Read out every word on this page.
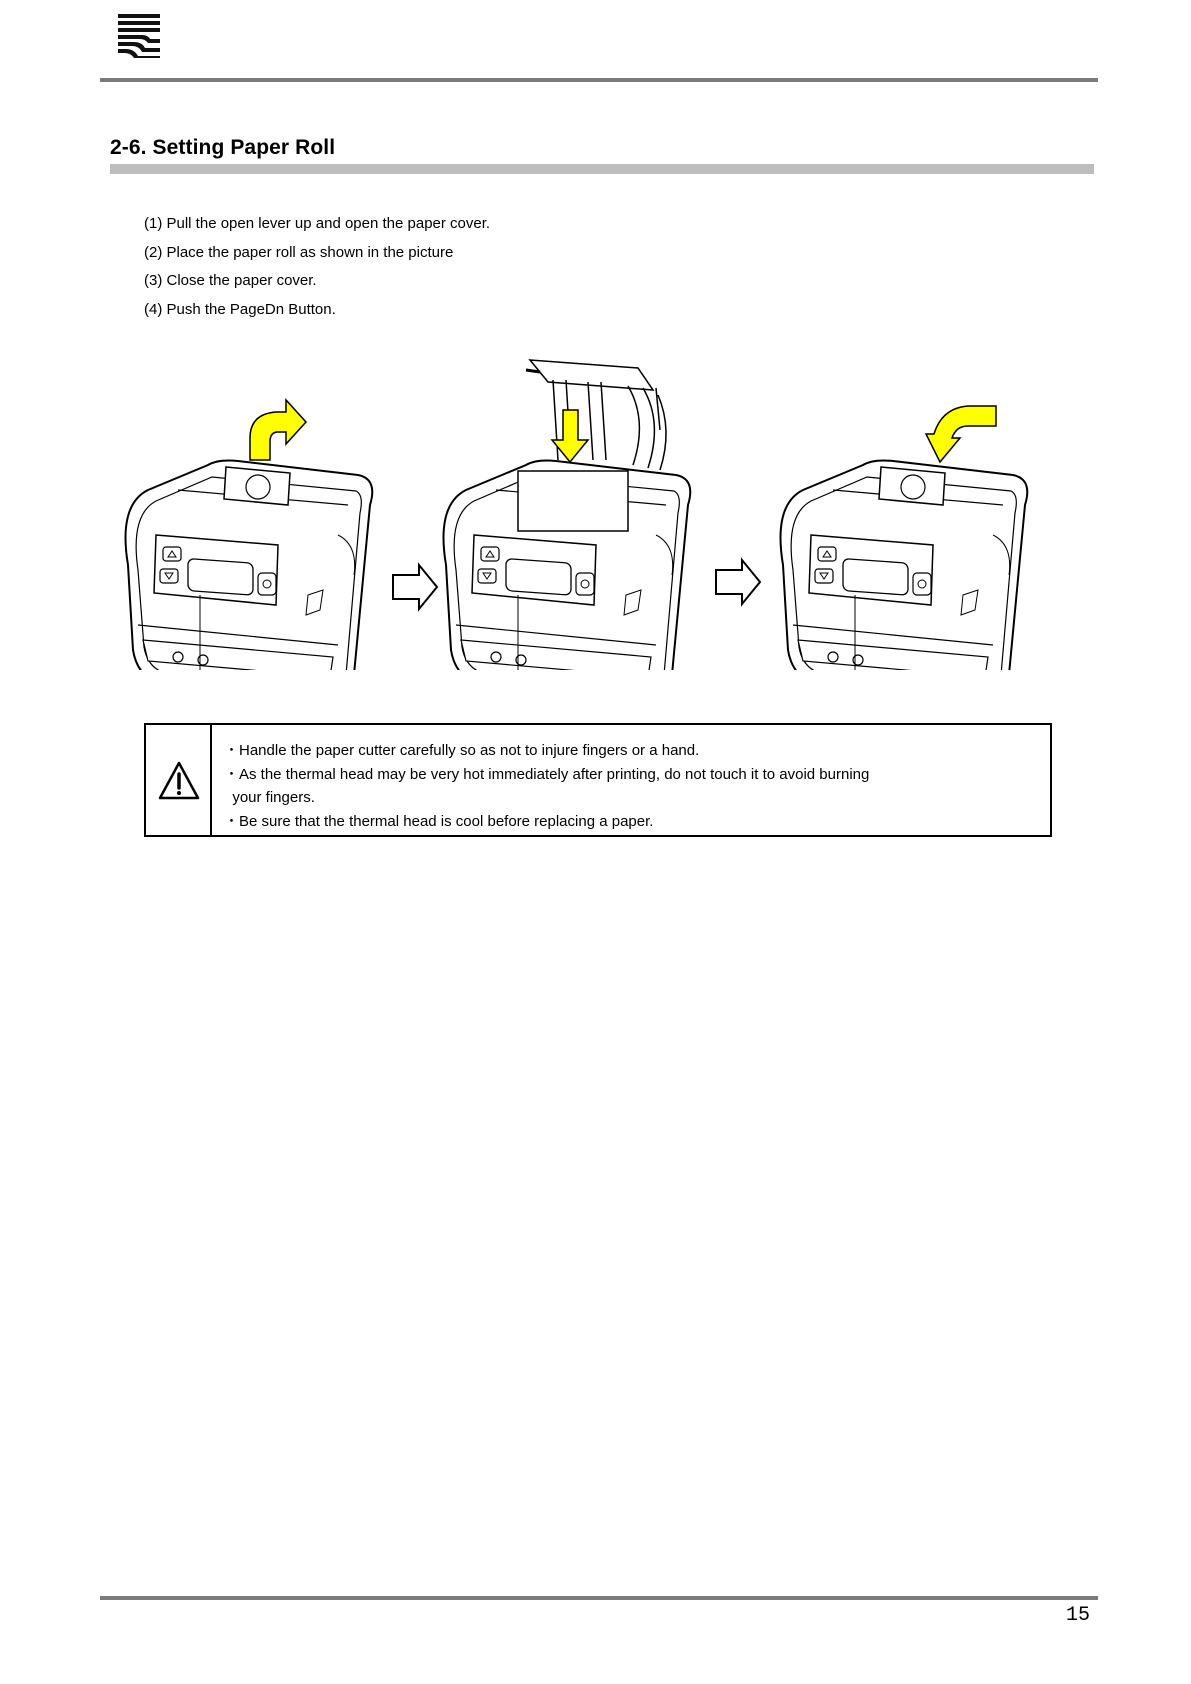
2-6. Setting Paper Roll
(1) Pull the open lever up and open the paper cover.
(2) Place the paper roll as shown in the picture
(3) Close the paper cover.
(4) Push the PageDn Button.
・Handle the paper cutter carefully so as not to injure fingers or a hand.
・As the thermal head may be very hot immediately after printing, do not touch it to avoid burning
your fingers.
・Be sure that the thermal head is cool before replacing a paper.
15
